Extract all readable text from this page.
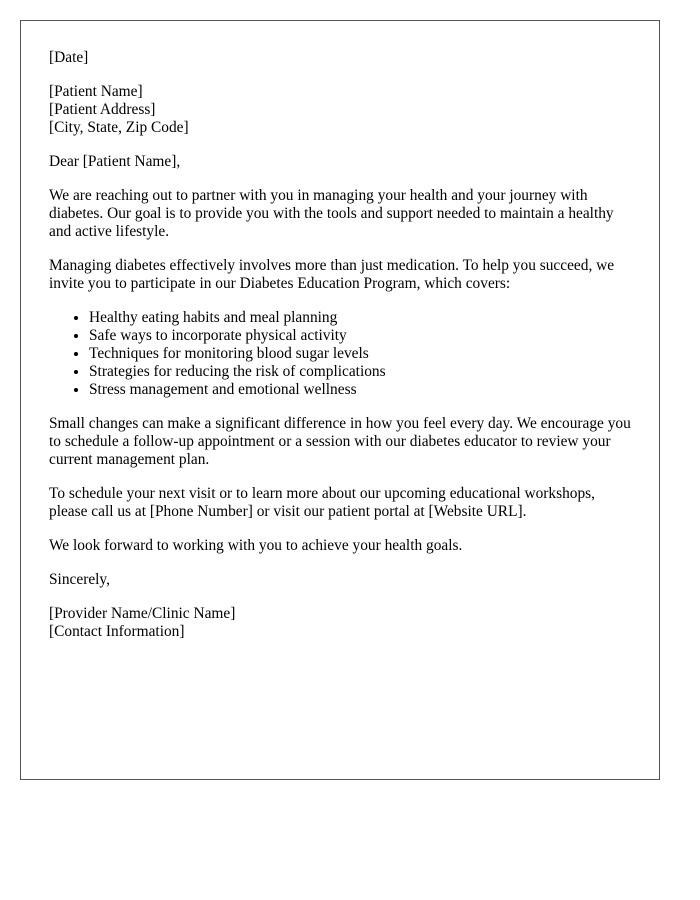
[Date]

[Patient Name]

[Patient Address]

[City, State, Zip Code]

Dear [Patient Name],

We are reaching out to partner with you in managing your health and your journey with diabetes. Our goal is to provide you with the tools and support needed to maintain a healthy and active lifestyle.

Managing diabetes effectively involves more than just medication. To help you succeed, we invite you to participate in our Diabetes Education Program, which covers:

• Healthy eating habits and meal planning
• Safe ways to incorporate physical activity
• Techniques for monitoring blood sugar levels
• Strategies for reducing the risk of complications
• Stress management and emotional wellness

Small changes can make a significant difference in how you feel every day. We encourage you to schedule a follow-up appointment or a session with our diabetes educator to review your current management plan.

To schedule your next visit or to learn more about our upcoming educational workshops, please call us at [Phone Number] or visit our patient portal at [Website URL].

We look forward to working with you to achieve your health goals.

Sincerely,

[Provider Name/Clinic Name]

[Contact Information]
